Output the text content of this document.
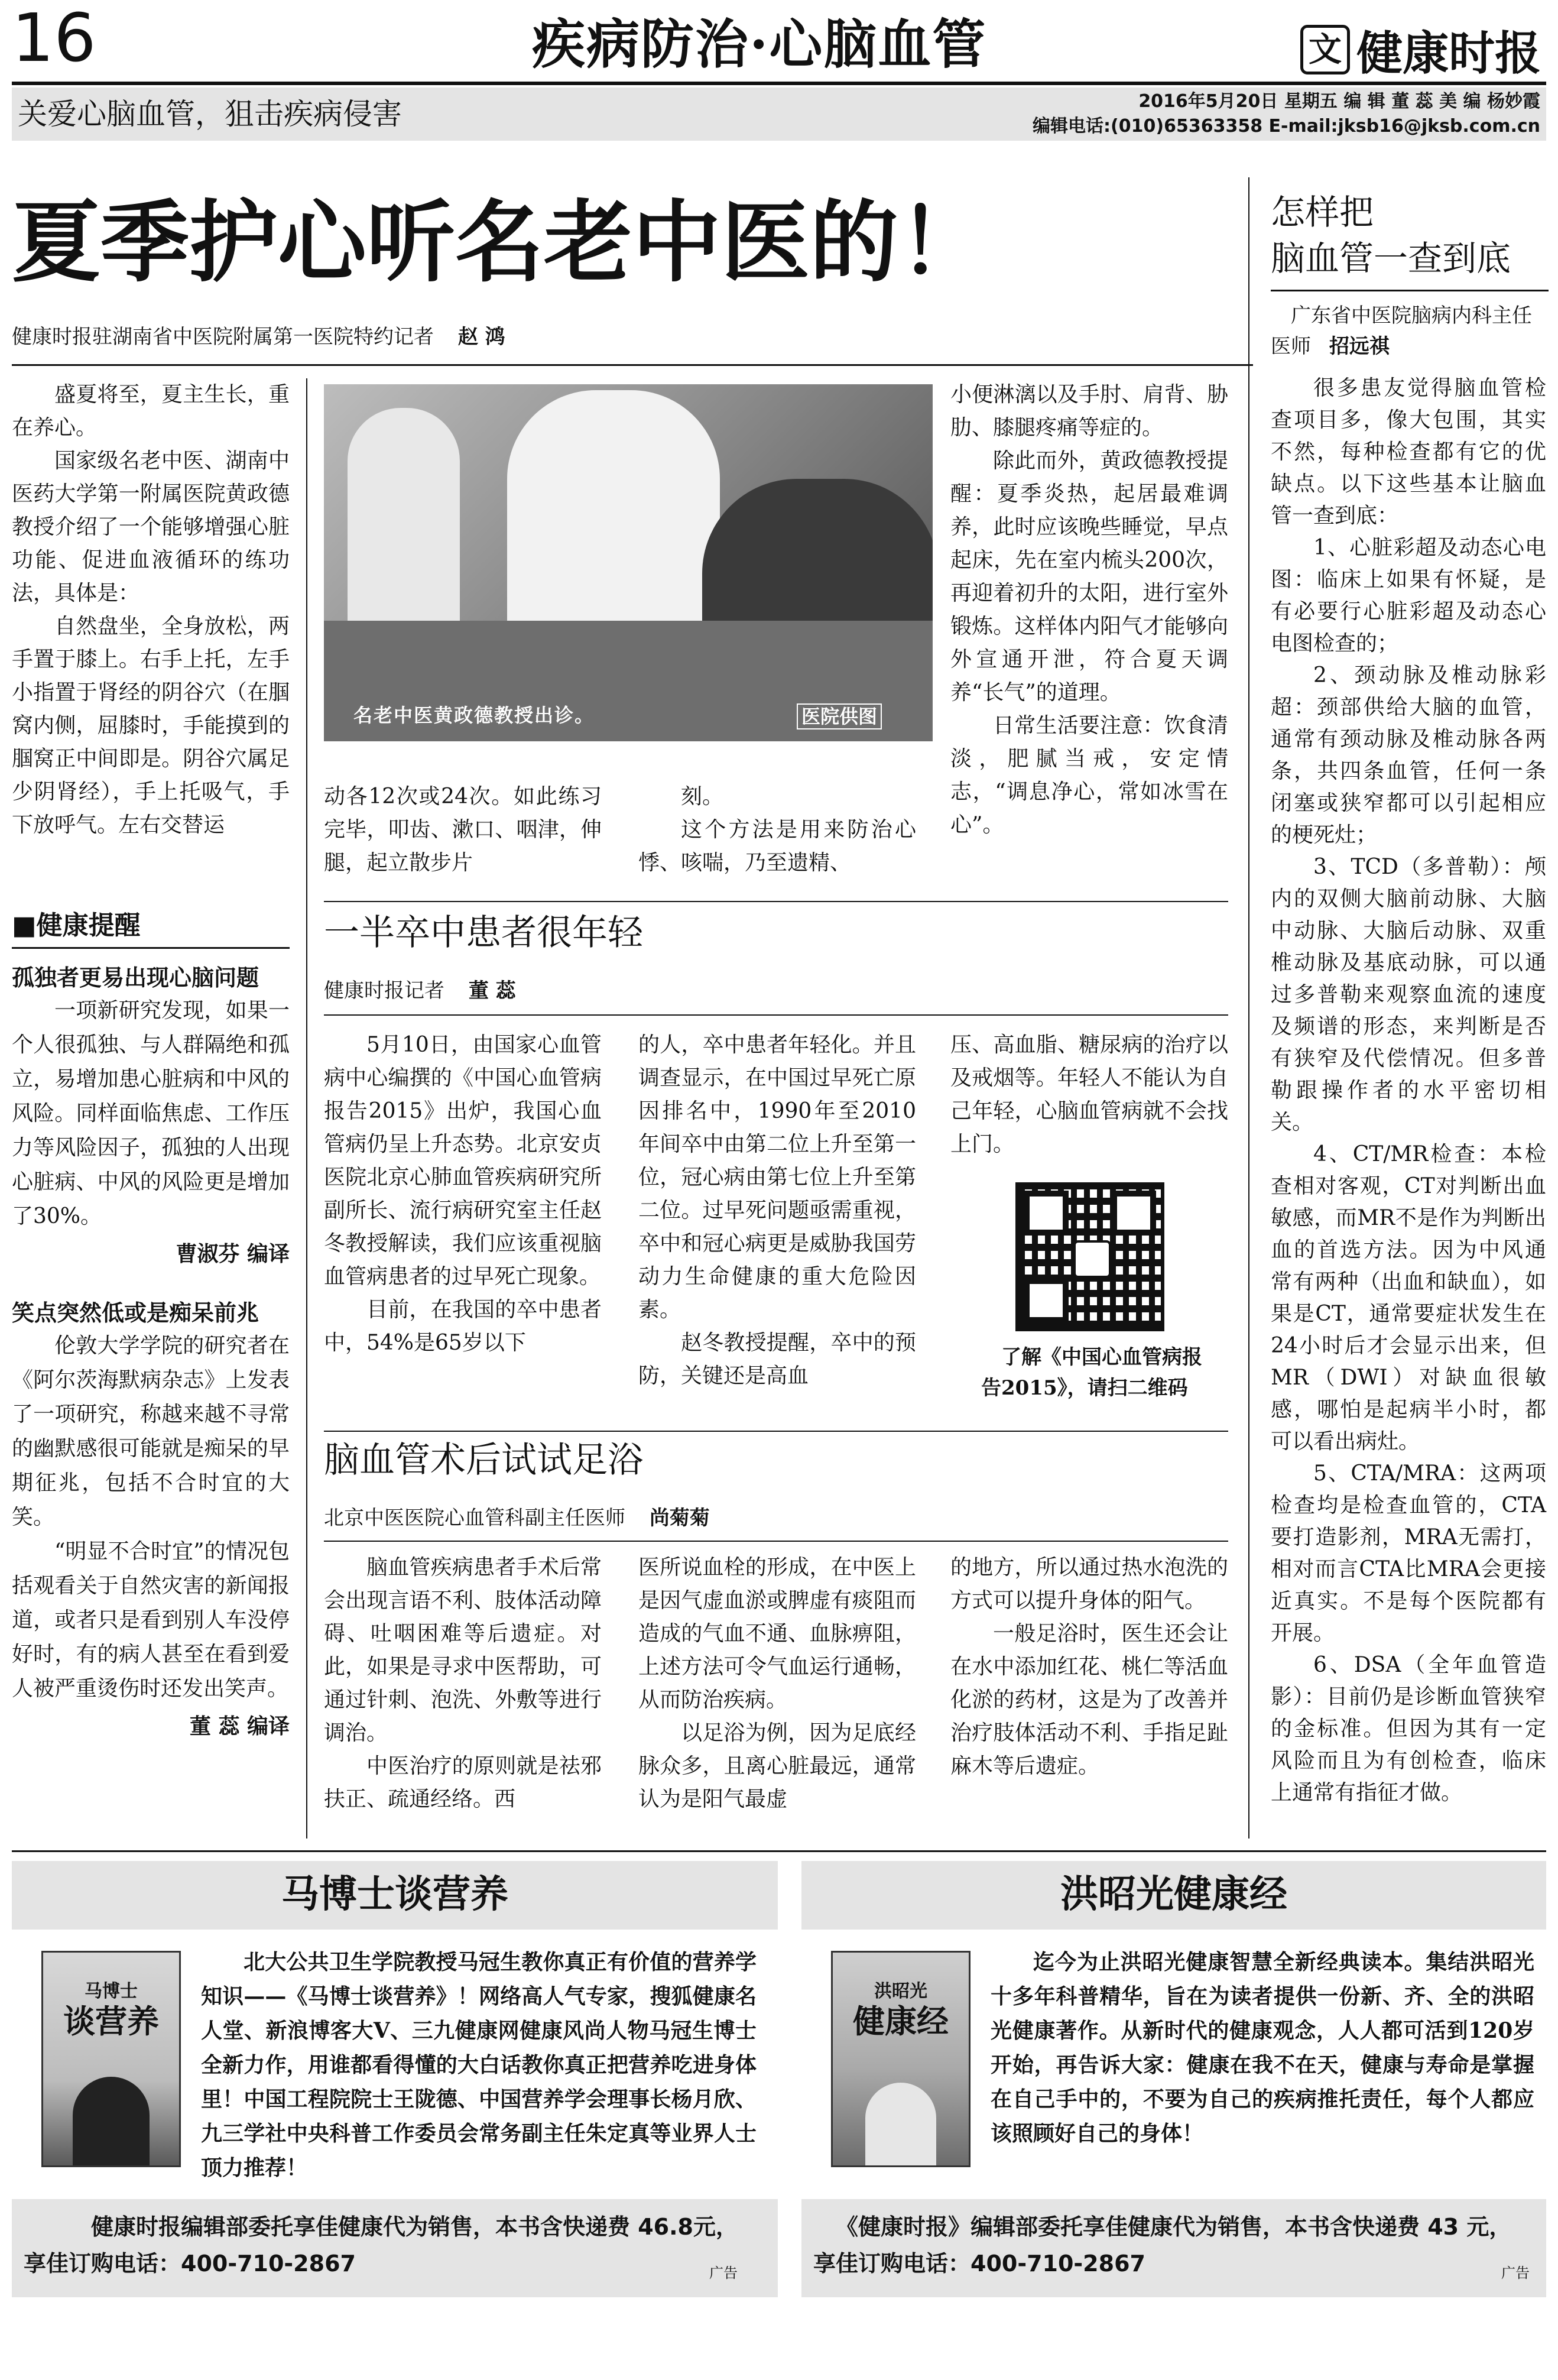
16	疾病防治·心脑血管	文 健康时报
关爱心脑血管，狙击疾病侵害	2016年5月20日 星期五 编 辑 董 蕊 美 编 杨妙霞
编辑电话:(010)65363358 E-mail:jksb16@jksb.com.cn
夏季护心听名老中医的！
健康时报驻湖南省中医院附属第一医院特约记者 赵 鸿

盛夏将至，夏主生长，重在养心。

国家级名老中医、湖南中医药大学第一附属医院黄政德教授介绍了一个能够增强心脏功能、促进血液循环的练功法，具体是：

自然盘坐，全身放松，两手置于膝上。右手上托，左手小指置于肾经的阴谷穴（在腘窝内侧，屈膝时，手能摸到的腘窝正中间即是。阴谷穴属足少阴肾经），手上托吸气，手下放呼气。左右交替运

名老中医黄政德教授出诊。	医院供图
动各12次或24次。如此练习完毕，叩齿、漱口、咽津，伸腿，起立散步片

刻。

这个方法是用来防治心悸、咳喘，乃至遗精、

小便淋漓以及手肘、肩背、胁肋、膝腿疼痛等症的。

除此而外，黄政德教授提醒：夏季炎热，起居最难调养，此时应该晚些睡觉，早点起床，先在室内梳头200次，再迎着初升的太阳，进行室外锻炼。这样体内阳气才能够向外宣通开泄，符合夏天调养“长气”的道理。

日常生活要注意：饮食清淡，肥腻当戒，安定情志，“调息净心，常如冰雪在心”。

■健康提醒

孤独者更易出现心脑问题

一项新研究发现，如果一个人很孤独、与人群隔绝和孤立，易增加患心脏病和中风的风险。同样面临焦虑、工作压力等风险因子，孤独的人出现心脏病、中风的风险更是增加了30%。

曹淑芬 编译

笑点突然低或是痴呆前兆

伦敦大学学院的研究者在《阿尔茨海默病杂志》上发表了一项研究，称越来越不寻常的幽默感很可能就是痴呆的早期征兆，包括不合时宜的大笑。

“明显不合时宜”的情况包括观看关于自然灾害的新闻报道，或者只是看到别人车没停好时，有的病人甚至在看到爱人被严重烫伤时还发出笑声。

董 蕊 编译

一半卒中患者很年轻
健康时报记者 董 蕊

5月10日，由国家心血管病中心编撰的《中国心血管病报告2015》出炉，我国心血管病仍呈上升态势。北京安贞医院北京心肺血管疾病研究所副所长、流行病研究室主任赵冬教授解读，我们应该重视脑血管病患者的过早死亡现象。

目前，在我国的卒中患者中，54%是65岁以下

的人，卒中患者年轻化。并且调查显示，在中国过早死亡原因排名中，1990年至2010年间卒中由第二位上升至第一位，冠心病由第七位上升至第二位。过早死问题亟需重视，卒中和冠心病更是威胁我国劳动力生命健康的重大危险因素。

赵冬教授提醒，卒中的预防，关键还是高血

压、高血脂、糖尿病的治疗以及戒烟等。年轻人不能认为自己年轻，心脑血管病就不会找上门。

了解《中国心血管病报告2015》，请扫二维码
脑血管术后试试足浴
北京中医医院心血管科副主任医师 尚菊菊

脑血管疾病患者手术后常会出现言语不利、肢体活动障碍、吐咽困难等后遗症。对此，如果是寻求中医帮助，可通过针刺、泡洗、外敷等进行调治。

中医治疗的原则就是祛邪扶正、疏通经络。西

医所说血栓的形成，在中医上是因气虚血淤或脾虚有痰阻而造成的气血不通、血脉痹阻，上述方法可令气血运行通畅，从而防治疾病。

以足浴为例，因为足底经脉众多，且离心脏最远，通常认为是阳气最虚

的地方，所以通过热水泡洗的方式可以提升身体的阳气。

一般足浴时，医生还会让在水中添加红花、桃仁等活血化淤的药材，这是为了改善并治疗肢体活动不利、手指足趾麻木等后遗症。

怎样把
脑血管一查到底
广东省中医院脑病内科主任医师 招远祺

很多患友觉得脑血管检查项目多，像大包围，其实不然，每种检查都有它的优缺点。以下这些基本让脑血管一查到底：

1、心脏彩超及动态心电图：临床上如果有怀疑，是有必要行心脏彩超及动态心电图检查的；

2、颈动脉及椎动脉彩超：颈部供给大脑的血管，通常有颈动脉及椎动脉各两条，共四条血管，任何一条闭塞或狭窄都可以引起相应的梗死灶；

3、TCD（多普勒）：颅内的双侧大脑前动脉、大脑中动脉、大脑后动脉、双重椎动脉及基底动脉，可以通过多普勒来观察血流的速度及频谱的形态，来判断是否有狭窄及代偿情况。但多普勒跟操作者的水平密切相关。

4、CT/MR检查：本检查相对客观，CT对判断出血敏感，而MR不是作为判断出血的首选方法。因为中风通常有两种（出血和缺血），如果是CT，通常要症状发生在24小时后才会显示出来，但MR（DWI）对缺血很敏感，哪怕是起病半小时，都可以看出病灶。

5、CTA/MRA：这两项检查均是检查血管的，CTA要打造影剂，MRA无需打，相对而言CTA比MRA会更接近真实。不是每个医院都有开展。

6、DSA（全年血管造影）：目前仍是诊断血管狭窄的金标准。但因为其有一定风险而且为有创检查，临床上通常有指征才做。

马博士谈营养
马博士
谈营养
北大公共卫生学院教授马冠生教你真正有价值的营养学知识——《马博士谈营养》！网络高人气专家，搜狐健康名人堂、新浪博客大V、三九健康网健康风尚人物马冠生博士全新力作，用谁都看得懂的大白话教你真正把营养吃进身体里！中国工程院院士王陇德、中国营养学会理事长杨月欣、九三学社中央科普工作委员会常务副主任朱定真等业界人士顶力推荐！
健康时报编辑部委托享佳健康代为销售，本书含快递费 46.8元，享佳订购电话：400-710-2867	广告
洪昭光健康经
洪昭光
健康经
迄今为止洪昭光健康智慧全新经典读本。集结洪昭光十多年科普精华，旨在为读者提供一份新、齐、全的洪昭光健康著作。从新时代的健康观念，人人都可活到120岁开始，再告诉大家：健康在我不在天，健康与寿命是掌握在自己手中的，不要为自己的疾病推托责任，每个人都应该照顾好自己的身体！
《健康时报》编辑部委托享佳健康代为销售，本书含快递费 43 元，享佳订购电话：400-710-2867	广告
